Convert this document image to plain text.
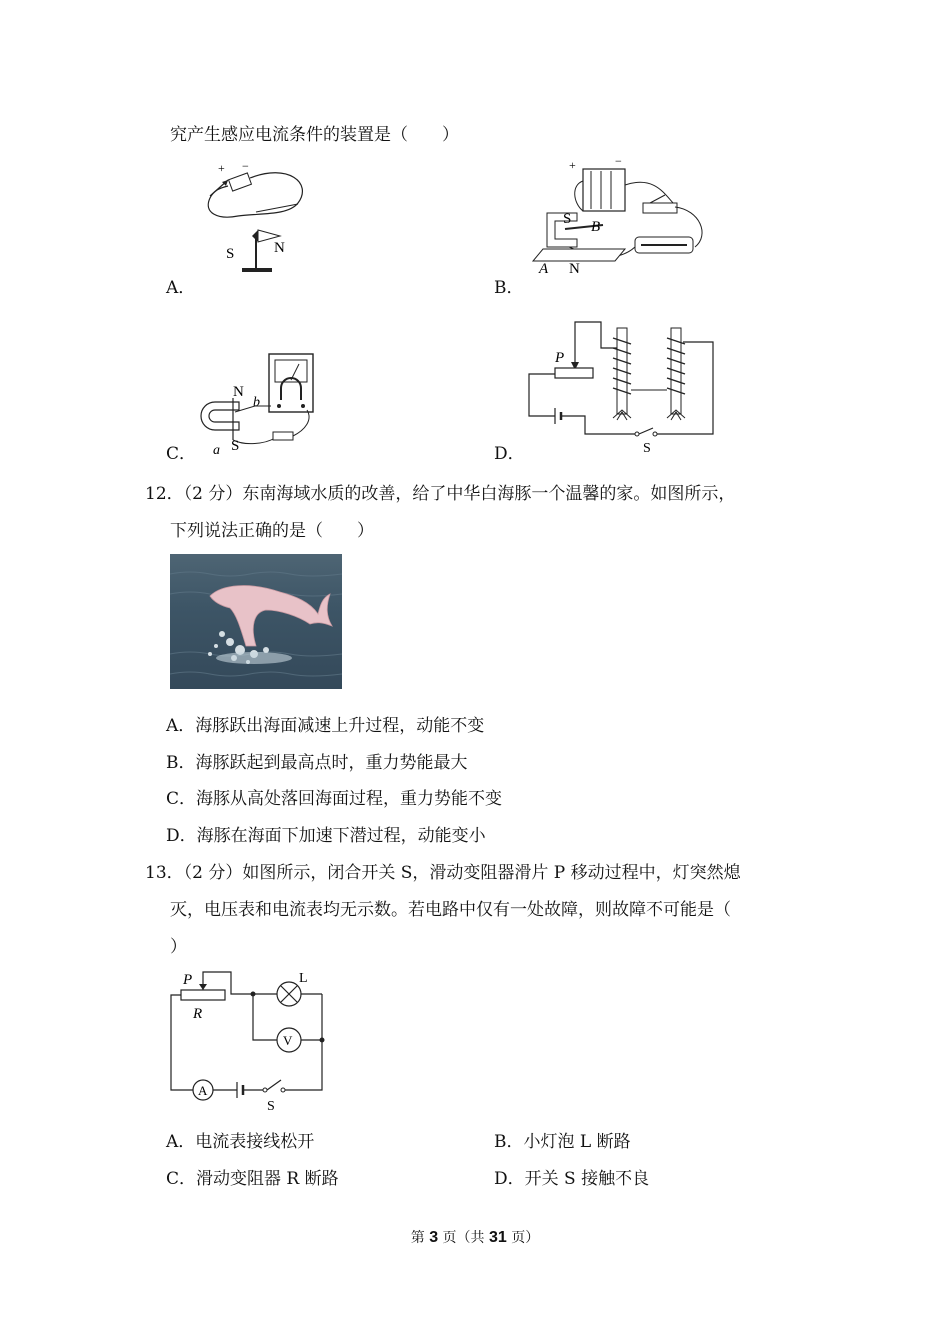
究产生感应电流条件的装置是（　　）
+ −
S	N
A．
+	−
S B
A N
B．
N
b
a S
C．
P
S
D．
12．（2 分）东南海域水质的改善，给了中华白海豚一个温馨的家。如图所示，
下列说法正确的是（　　）
A．海豚跃出海面减速上升过程，动能不变
B．海豚跃起到最高点时，重力势能最大
C．海豚从高处落回海面过程，重力势能不变
D．海豚在海面下加速下潜过程，动能变小
13．（2 分）如图所示，闭合开关 S，滑动变阻器滑片 P 移动过程中，灯突然熄
灭，电压表和电流表均无示数。若电路中仅有一处故障，则故障不可能是（
）
A
V
P
R
L
S
A．电流表接线松开	B．小灯泡 L 断路
C．滑动变阻器 R 断路	D．开关 S 接触不良
第 3 页（共 31 页）
